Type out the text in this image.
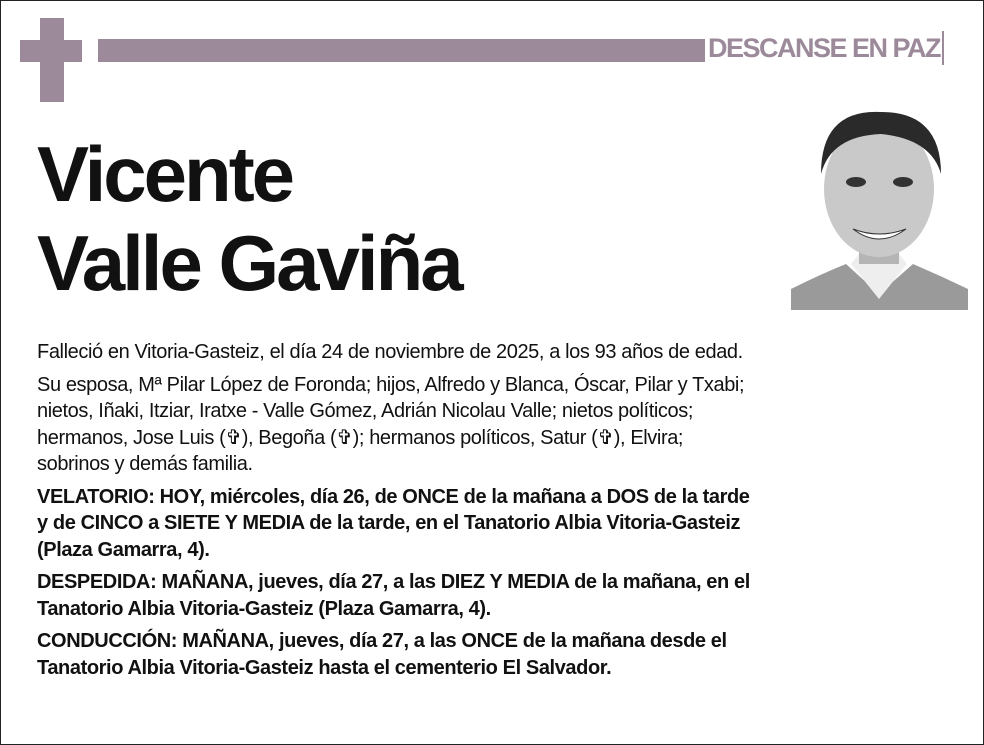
DESCANSE EN PAZ
Vicente
Valle Gaviña
Falleció en Vitoria-Gasteiz, el día 24 de noviembre de 2025, a los 93 años de edad.
Su esposa, Mª Pilar López de Foronda; hijos, Alfredo y Blanca, Óscar, Pilar y Txabi;
nietos, Iñaki, Itziar, Iratxe - Valle Gómez, Adrián Nicolau Valle; nietos políticos;
hermanos, Jose Luis (✞), Begoña (✞); hermanos políticos, Satur (✞), Elvira;
sobrinos y demás familia.
VELATORIO: HOY, miércoles, día 26, de ONCE de la mañana a DOS de la tarde
y de CINCO a SIETE Y MEDIA de la tarde, en el Tanatorio Albia Vitoria-Gasteiz
(Plaza Gamarra, 4).
DESPEDIDA: MAÑANA, jueves, día 27, a las DIEZ Y MEDIA de la mañana, en el
Tanatorio Albia Vitoria-Gasteiz (Plaza Gamarra, 4).
CONDUCCIÓN: MAÑANA, jueves, día 27, a las ONCE de la mañana desde el
Tanatorio Albia Vitoria-Gasteiz hasta el cementerio El Salvador.
